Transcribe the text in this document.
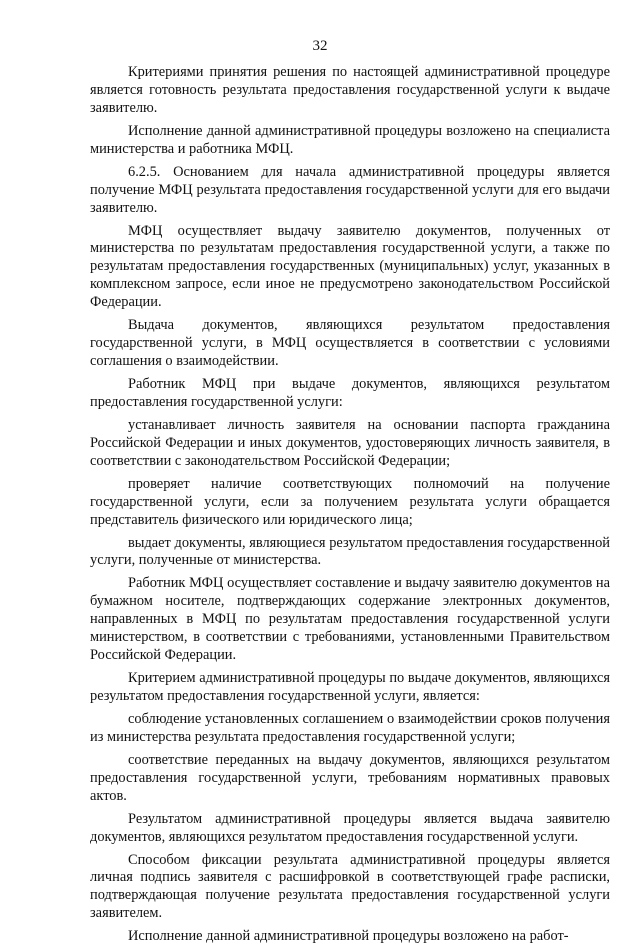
32

Критериями принятия решения по настоящей административной процедуре является готовность результата предоставления государственной услуги к выдаче заявителю.

Исполнение данной административной процедуры возложено на специалиста министерства и работника МФЦ.

6.2.5. Основанием для начала административной процедуры является получение МФЦ результата предоставления государственной услуги для его выдачи заявителю.

МФЦ осуществляет выдачу заявителю документов, полученных от министерства по результатам предоставления государственной услуги, а также по результатам предоставления государственных (муниципальных) услуг, указанных в комплексном запросе, если иное не предусмотрено законодательством Российской Федерации.

Выдача документов, являющихся результатом предоставления государственной услуги, в МФЦ осуществляется в соответствии с условиями соглашения о взаимодействии.

Работник МФЦ при выдаче документов, являющихся результатом предоставления государственной услуги:

устанавливает личность заявителя на основании паспорта гражданина Российской Федерации и иных документов, удостоверяющих личность заявителя, в соответствии с законодательством Российской Федерации;

проверяет наличие соответствующих полномочий на получение государственной услуги, если за получением результата услуги обращается представитель физического или юридического лица;

выдает документы, являющиеся результатом предоставления государственной услуги, полученные от министерства.

Работник МФЦ осуществляет составление и выдачу заявителю документов на бумажном носителе, подтверждающих содержание электронных документов, направленных в МФЦ по результатам предоставления государственной услуги министерством, в соответствии с требованиями, установленными Правительством Российской Федерации.

Критерием административной процедуры по выдаче документов, являющихся результатом предоставления государственной услуги, является:

соблюдение установленных соглашением о взаимодействии сроков получения из министерства результата предоставления государственной услуги;

соответствие переданных на выдачу документов, являющихся результатом предоставления государственной услуги, требованиям нормативных правовых актов.

Результатом административной процедуры является выдача заявителю документов, являющихся результатом предоставления государственной услуги.

Способом фиксации результата административной процедуры является личная подпись заявителя с расшифровкой в соответствующей графе расписки, подтверждающая получение результата предоставления государственной услуги заявителем.

Исполнение данной административной процедуры возложено на работ-
